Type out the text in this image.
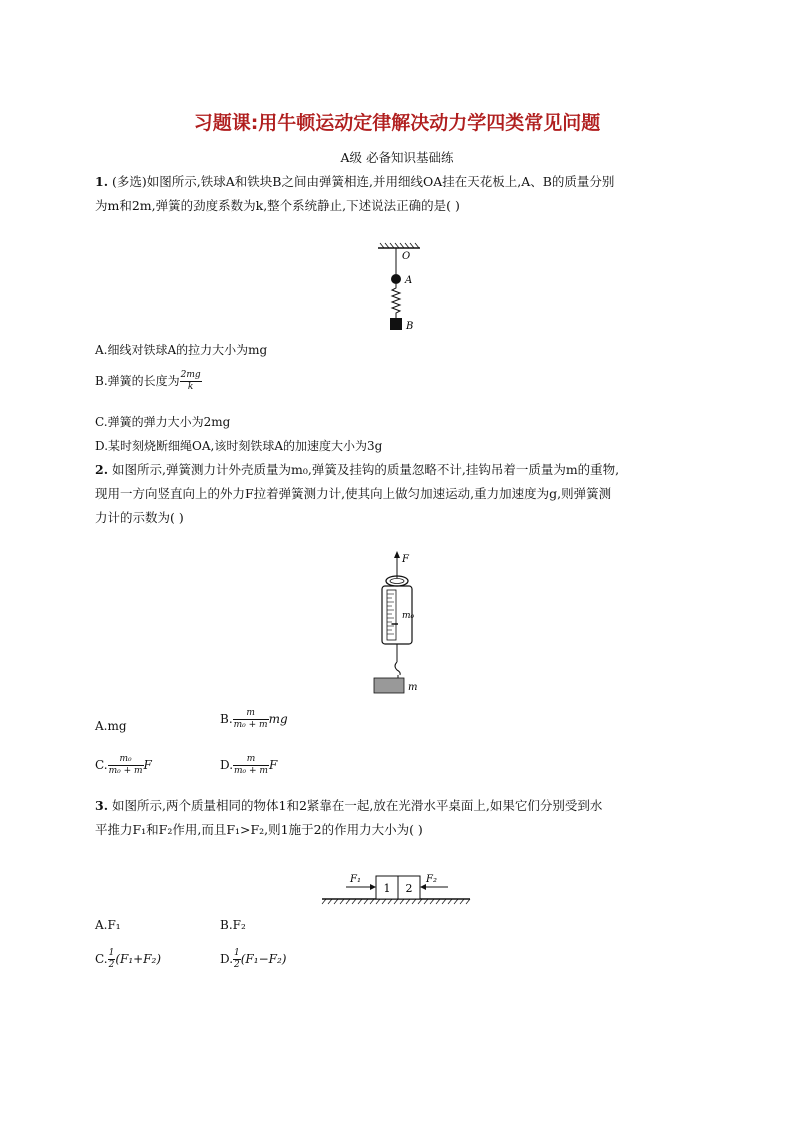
习题课:用牛顿运动定律解决动力学四类常见问题
A级 必备知识基础练
1. (多选)如图所示,铁球A和铁块B之间由弹簧相连,并用细线OA挂在天花板上,A、B的质量分别
为m和2m,弹簧的劲度系数为k,整个系统静止,下述说法正确的是( )
O
A
B
A.细线对铁球A的拉力大小为mg
B.弹簧的长度为 $\frac{2mg}{k}$
C.弹簧的弹力大小为2mg
D.某时刻烧断细绳OA,该时刻铁球A的加速度大小为3g
2. 如图所示,弹簧测力计外壳质量为m₀,弹簧及挂钩的质量忽略不计,挂钩吊着一质量为m的重物,
现用一方向竖直向上的外力F拉着弹簧测力计,使其向上做匀加速运动,重力加速度为g,则弹簧测
力计的示数为( )
F
m₀
m
A.mg	B. $\frac{m}{\text{m₀ + m}}$ mg
C. $\frac{\text{m₀}}{\text{m₀ + m}}$ F	D. $\frac{m}{\text{m₀ + m}}$ F
3. 如图所示,两个质量相同的物体1和2紧靠在一起,放在光滑水平桌面上,如果它们分别受到水
平推力F₁和F₂作用,而且F₁>F₂,则1施于2的作用力大小为( )
1 2
F₁	F₂
A.F₁	B.F₂
C. $\frac{1}{2} (F_1+F_2)$	D. $\frac{1}{2} (F_1-F_2)$
